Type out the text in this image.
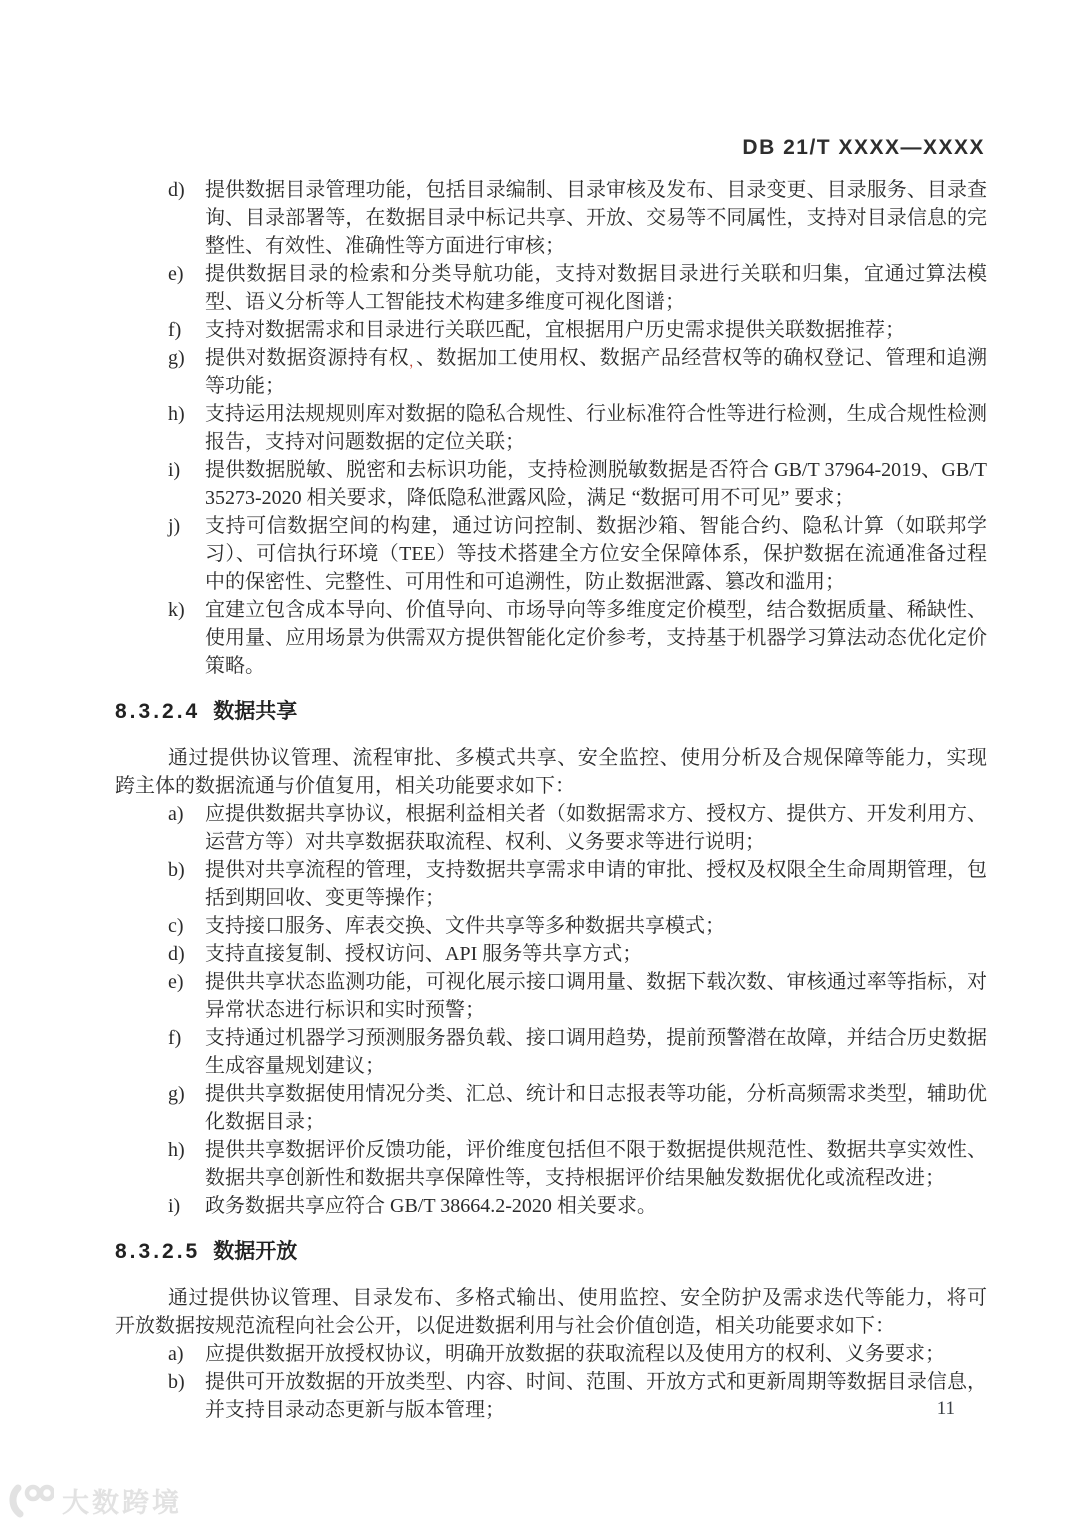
DB 21/T XXXX—XXXX
d) 提供数据目录管理功能，包括目录编制、目录审核及发布、目录变更、目录服务、目录查询、目录部署等，在数据目录中标记共享、开放、交易等不同属性，支持对目录信息的完整性、有效性、准确性等方面进行审核；
e) 提供数据目录的检索和分类导航功能，支持对数据目录进行关联和归集，宜通过算法模型、语义分析等人工智能技术构建多维度可视化图谱；
f) 支持对数据需求和目录进行关联匹配，宜根据用户历史需求提供关联数据推荐；
g) 提供对数据资源持有权，、数据加工使用权、数据产品经营权等的确权登记、管理和追溯等功能；
h) 支持运用法规规则库对数据的隐私合规性、行业标准符合性等进行检测，生成合规性检测报告，支持对问题数据的定位关联；
i) 提供数据脱敏、脱密和去标识功能，支持检测脱敏数据是否符合 GB/T 37964-2019、GB/T 35273-2020 相关要求，降低隐私泄露风险，满足 “数据可用不可见” 要求；
j) 支持可信数据空间的构建，通过访问控制、数据沙箱、智能合约、隐私计算（如联邦学习）、可信执行环境（TEE）等技术搭建全方位安全保障体系，保护数据在流通准备过程中的保密性、完整性、可用性和可追溯性，防止数据泄露、篡改和滥用；
k) 宜建立包含成本导向、价值导向、市场导向等多维度定价模型，结合数据质量、稀缺性、使用量、应用场景为供需双方提供智能化定价参考，支持基于机器学习算法动态优化定价策略。
8.3.2.4 数据共享

通过提供协议管理、流程审批、多模式共享、安全监控、使用分析及合规保障等能力，实现跨主体的数据流通与价值复用，相关功能要求如下：

a) 应提供数据共享协议，根据利益相关者（如数据需求方、授权方、提供方、开发利用方、运营方等）对共享数据获取流程、权利、义务要求等进行说明；
b) 提供对共享流程的管理，支持数据共享需求申请的审批、授权及权限全生命周期管理，包括到期回收、变更等操作；
c) 支持接口服务、库表交换、文件共享等多种数据共享模式；
d) 支持直接复制、授权访问、API 服务等共享方式；
e) 提供共享状态监测功能，可视化展示接口调用量、数据下载次数、审核通过率等指标，对异常状态进行标识和实时预警；
f) 支持通过机器学习预测服务器负载、接口调用趋势，提前预警潜在故障，并结合历史数据生成容量规划建议；
g) 提供共享数据使用情况分类、汇总、统计和日志报表等功能，分析高频需求类型，辅助优化数据目录；
h) 提供共享数据评价反馈功能，评价维度包括但不限于数据提供规范性、数据共享实效性、数据共享创新性和数据共享保障性等，支持根据评价结果触发数据优化或流程改进；
i) 政务数据共享应符合 GB/T 38664.2-2020 相关要求。
8.3.2.5 数据开放

通过提供协议管理、目录发布、多格式输出、使用监控、安全防护及需求迭代等能力，将可开放数据按规范流程向社会公开，以促进数据利用与社会价值创造，相关功能要求如下：

a) 应提供数据开放授权协议，明确开放数据的获取流程以及使用方的权利、义务要求；
b) 提供可开放数据的开放类型、内容、时间、范围、开放方式和更新周期等数据目录信息，并支持目录动态更新与版本管理；	11
大数跨境
